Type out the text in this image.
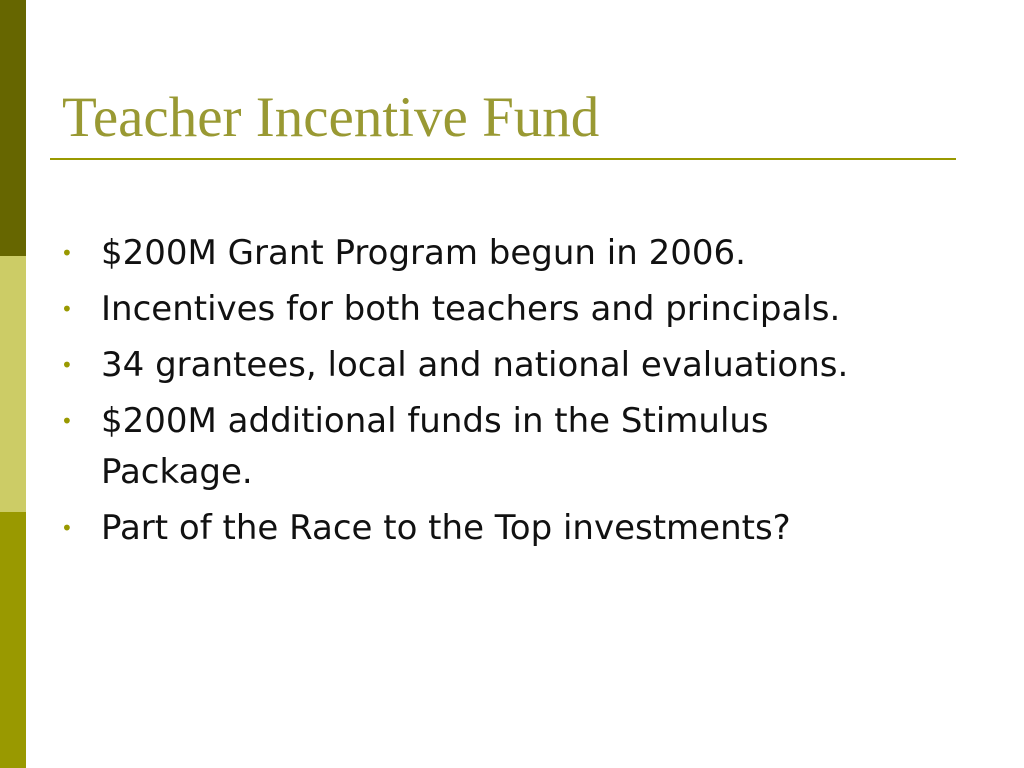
Teacher Incentive Fund
• $200M Grant Program begun in 2006.
• Incentives for both teachers and principals.
• 34 grantees, local and national evaluations.
• $200M additional funds in the Stimulus Package.
• Part of the Race to the Top investments?
